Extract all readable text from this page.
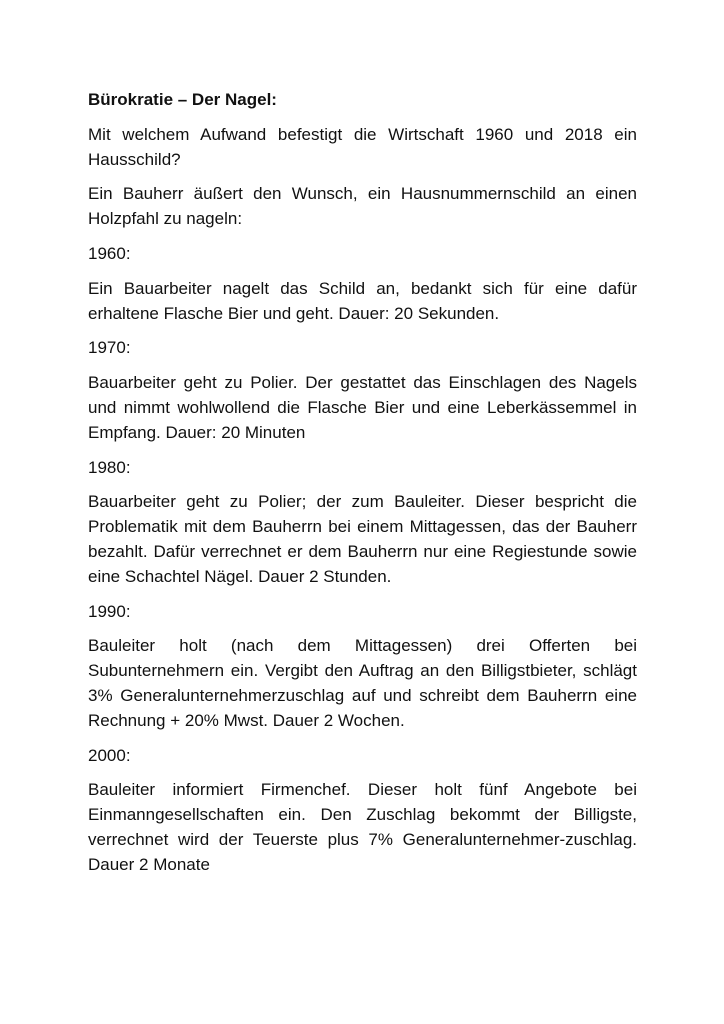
Bürokratie – Der Nagel:

Mit welchem Aufwand befestigt die Wirtschaft 1960 und 2018 ein Hausschild?

Ein Bauherr äußert den Wunsch, ein Hausnummernschild an einen Holzpfahl zu nageln:

1960:

Ein Bauarbeiter nagelt das Schild an, bedankt sich für eine dafür erhaltene Flasche Bier und geht. Dauer: 20 Sekunden.

1970:

Bauarbeiter geht zu Polier. Der gestattet das Einschlagen des Nagels und nimmt wohlwollend die Flasche Bier und eine Leberkässemmel in Empfang. Dauer: 20 Minuten

1980:

Bauarbeiter geht zu Polier; der zum Bauleiter. Dieser bespricht die Problematik mit dem Bauherrn bei einem Mittagessen, das der Bauherr bezahlt. Dafür verrechnet er dem Bauherrn nur eine Regiestunde sowie eine Schachtel Nägel. Dauer 2 Stunden.

1990:

Bauleiter holt (nach dem Mittagessen) drei Offerten bei Subunternehmern ein. Vergibt den Auftrag an den Billigstbieter, schlägt 3% Generalunternehmerzuschlag auf und schreibt dem Bauherrn eine Rechnung + 20% Mwst. Dauer 2 Wochen.

2000:

Bauleiter informiert Firmenchef. Dieser holt fünf Angebote bei Einmanngesellschaften ein. Den Zuschlag bekommt der Billigste, verrechnet wird der Teuerste plus 7% Generalunternehmer-zuschlag. Dauer 2 Monate
